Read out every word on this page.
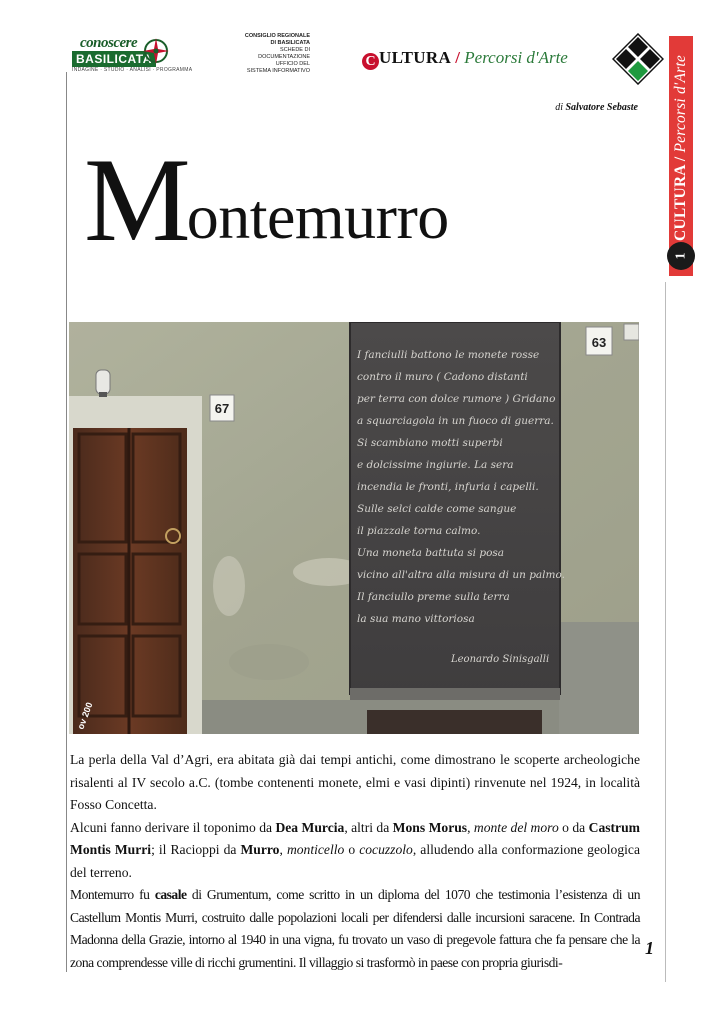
conoscere
BASILICATA
INDAGINE · STUDIO · ANALISI · PROGRAMMA
CONSIGLIO REGIONALE
DI BASILICATA
SCHEDE DI
DOCUMENTAZIONE
UFFICIO DEL
SISTEMA INFORMATIVO
C ULTURA / Percorsi d'Arte
CULTURA / Percorsi d'Arte
1
di Salvatore Sebaste
Montemurro
67
63
I fanciulli battono le monete rosse
contro il muro ( Cadono distanti
per terra con dolce rumore ) Gridano
a squarciagola in un fuoco di guerra.
Si scambiano motti superbi
e dolcissime ingiurie. La sera
incendia le fronti, infuria i capelli.
Sulle selci calde come sangue
il piazzale torna calmo.
Una moneta battuta si posa
vicino all'altra alla misura di un palmo.
Il fanciullo preme sulla terra
la sua mano vittoriosa
Leonardo Sinisgalli
ov 200

La perla della Val d’Agri, era abitata già dai tempi antichi, come dimostrano le scoperte archeologiche risalenti al IV secolo a.C. (tombe contenenti monete, elmi e vasi dipinti) rinvenute nel 1924, in località Fosso Concetta.

Alcuni fanno derivare il toponimo da Dea Murcia, altri da Mons Morus, monte del moro o da Castrum Montis Murri; il Racioppi da Murro, monticello o cocuzzolo, alludendo alla conformazione geologica del terreno.

Montemurro fu casale di Grumentum, come scritto in un diploma del 1070 che testimonia l’esistenza di un Castellum Montis Murri, costruito dalle popolazioni locali per difendersi dalle incursioni saracene. In Contrada Madonna della Grazie, intorno al 1940 in una vigna, fu trovato un vaso di pregevole fattura che fa pensare che la zona comprendesse ville di ricchi grumentini. Il villaggio si trasformò in paese con propria giurisdi-

1
